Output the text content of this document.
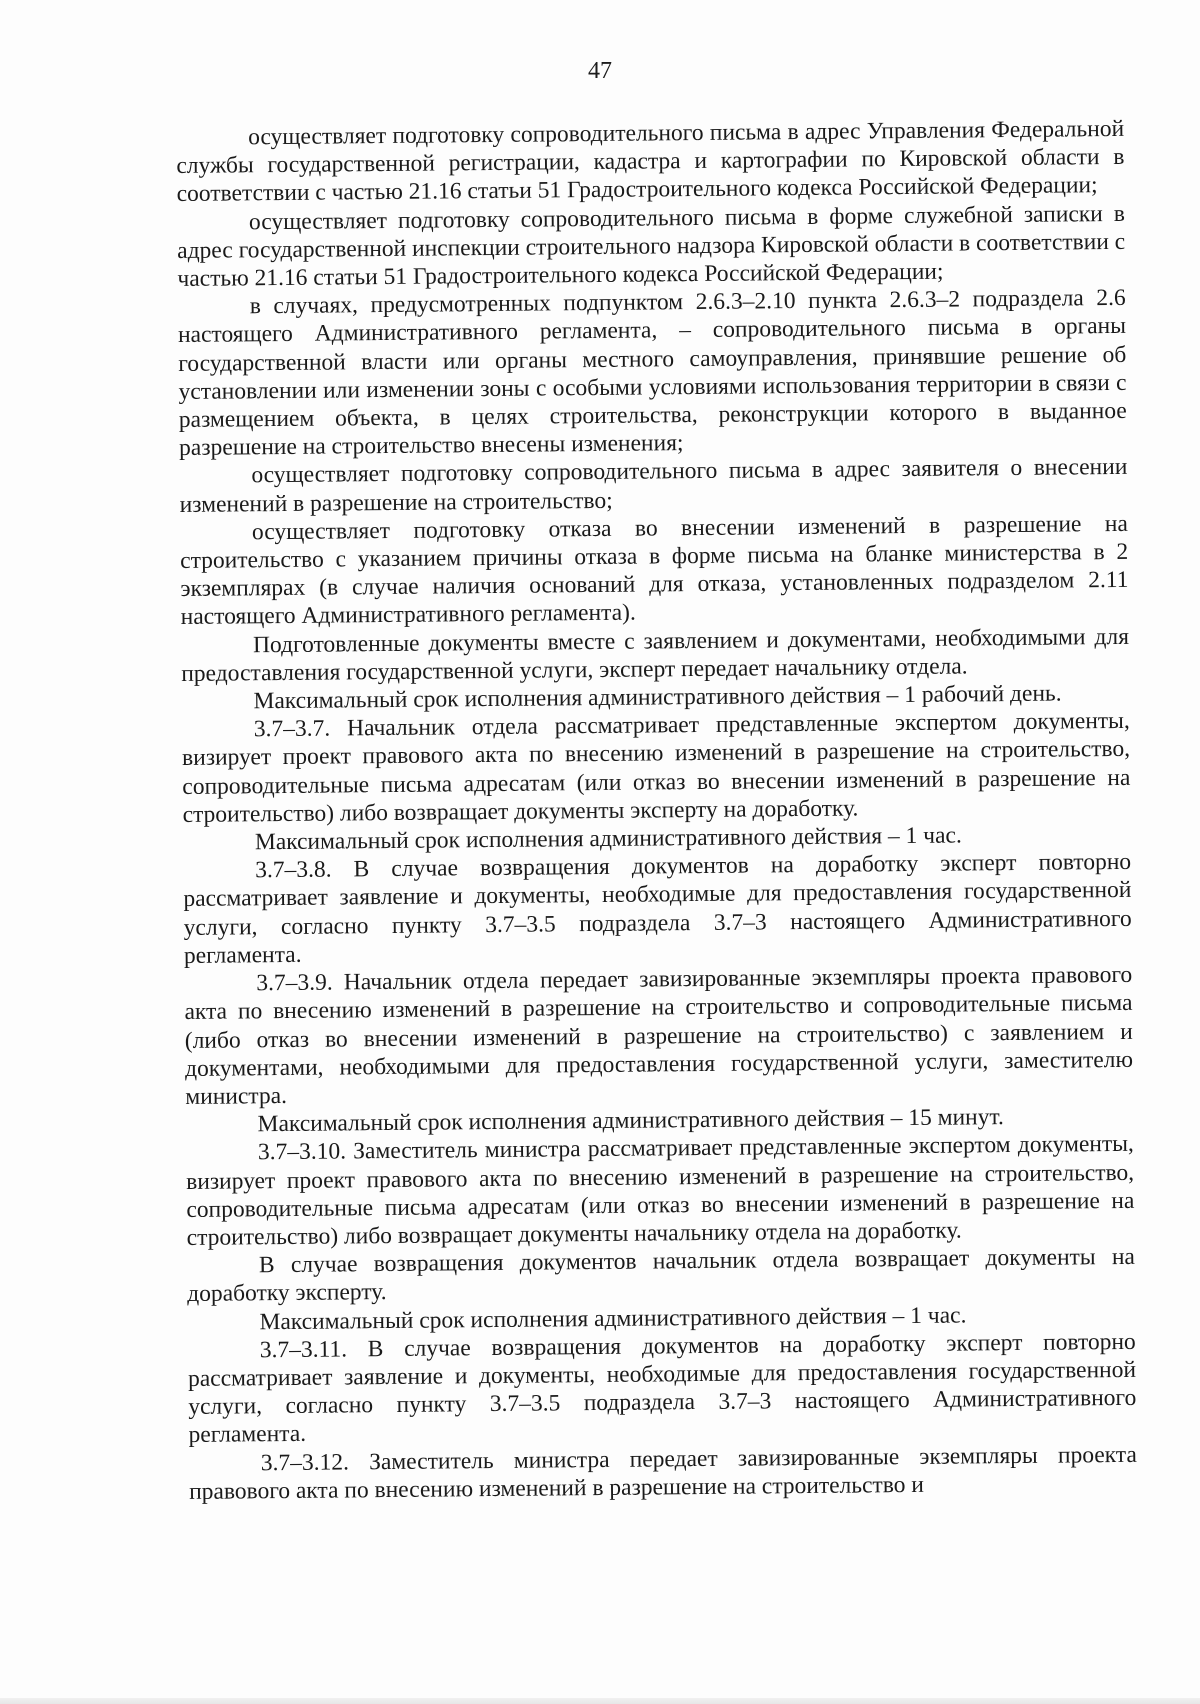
47

осуществляет подготовку сопроводительного письма в адрес Управления Федеральной службы государственной регистрации, кадастра и картографии по Кировской области в соответствии с частью 21.16 статьи 51 Градостроительного кодекса Российской Федерации;

осуществляет подготовку сопроводительного письма в форме служебной записки в адрес государственной инспекции строительного надзора Кировской области в соответствии с частью 21.16 статьи 51 Градостроительного кодекса Российской Федерации;

в случаях, предусмотренных подпунктом 2.6.3–2.10 пункта 2.6.3–2 подраздела 2.6 настоящего Административного регламента, – сопроводительного письма в органы государственной власти или органы местного самоуправления, принявшие решение об установлении или изменении зоны с особыми условиями использования территории в связи с размещением объекта, в целях строительства, реконструкции которого в выданное разрешение на строительство внесены изменения;

осуществляет подготовку сопроводительного письма в адрес заявителя о внесении изменений в разрешение на строительство;

осуществляет подготовку отказа во внесении изменений в разрешение на строительство с указанием причины отказа в форме письма на бланке министерства в 2 экземплярах (в случае наличия оснований для отказа, установленных подразделом 2.11 настоящего Административного регламента).

Подготовленные документы вместе с заявлением и документами, необходимыми для предоставления государственной услуги, эксперт передает начальнику отдела.

Максимальный срок исполнения административного действия – 1 рабочий день.

3.7–3.7. Начальник отдела рассматривает представленные экспертом документы, визирует проект правового акта по внесению изменений в разрешение на строительство, сопроводительные письма адресатам (или отказ во внесении изменений в разрешение на строительство) либо возвращает документы эксперту на доработку.

Максимальный срок исполнения административного действия – 1 час.

3.7–3.8. В случае возвращения документов на доработку эксперт повторно рассматривает заявление и документы, необходимые для предоставления государственной услуги, согласно пункту 3.7–3.5 подраздела 3.7–3 настоящего Административного регламента.

3.7–3.9. Начальник отдела передает завизированные экземпляры проекта правового акта по внесению изменений в разрешение на строительство и сопроводительные письма (либо отказ во внесении изменений в разрешение на строительство) с заявлением и документами, необходимыми для предоставления государственной услуги, заместителю министра.

Максимальный срок исполнения административного действия – 15 минут.

3.7–3.10. Заместитель министра рассматривает представленные экспертом документы, визирует проект правового акта по внесению изменений в разрешение на строительство, сопроводительные письма адресатам (или отказ во внесении изменений в разрешение на строительство) либо возвращает документы начальнику отдела на доработку.

В случае возвращения документов начальник отдела возвращает документы на доработку эксперту.

Максимальный срок исполнения административного действия – 1 час.

3.7–3.11. В случае возвращения документов на доработку эксперт повторно рассматривает заявление и документы, необходимые для предоставления государственной услуги, согласно пункту 3.7–3.5 подраздела 3.7–3 настоящего Административного регламента.

3.7–3.12. Заместитель министра передает завизированные экземпляры проекта правового акта по внесению изменений в разрешение на строительство и
